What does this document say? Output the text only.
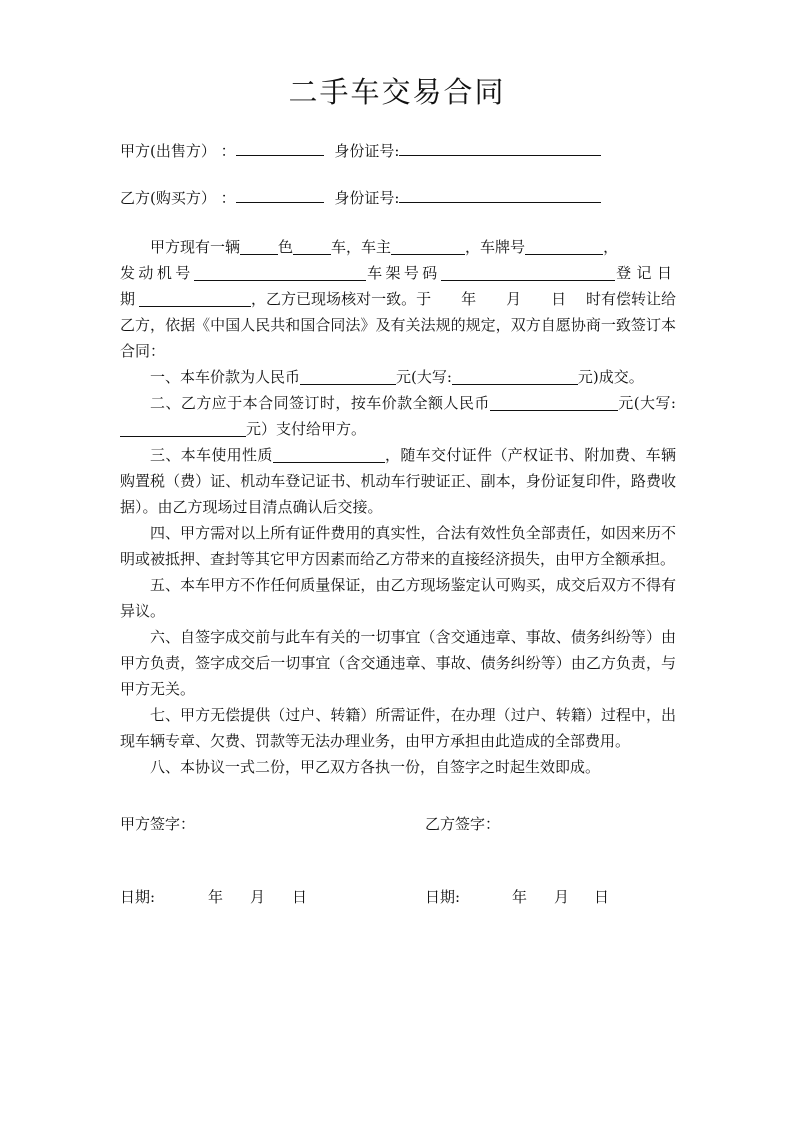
二手车交易合同
甲方(出售方） ：	身份证号:
乙方(购买方） ：	身份证号:

甲方现有一辆	色	车，车主	，车牌号	，

发动机号	车架号码	登记日期	，乙方已现场核对一致。于　　年　　月　　日　 时有偿转让给乙方，依据《中国人民共和国合同法》及有关法规的规定，双方自愿协商一致签订本合同：

一、本车价款为人民币	元(大写:	元)成交。

二、乙方应于本合同签订时，按车价款全额人民币	元(大写:元）支付给甲方。

三、本车使用性质	，随车交付证件（产权证书、附加费、车辆购置税（费）证、机动车登记证书、机动车行驶证正、副本，身份证复印件，路费收据）。由乙方现场过目清点确认后交接。

四、甲方需对以上所有证件费用的真实性，合法有效性负全部责任，如因来历不明或被抵押、查封等其它甲方因素而给乙方带来的直接经济损失，由甲方全额承担。

五、本车甲方不作任何质量保证，由乙方现场鉴定认可购买，成交后双方不得有异议。

六、自签字成交前与此车有关的一切事宜（含交通违章、事故、债务纠纷等）由甲方负责，签字成交后一切事宜（含交通违章、事故、债务纠纷等）由乙方负责，与甲方无关。

七、甲方无偿提供（过户、转籍）所需证件，在办理（过户、转籍）过程中，出现车辆专章、欠费、罚款等无法办理业务，由甲方承担由此造成的全部费用。

八、本协议一式二份，甲乙双方各执一份，自签字之时起生效即成。

甲方签字：	乙方签字：
日期:	年 月 日	日期:	年 月 日
